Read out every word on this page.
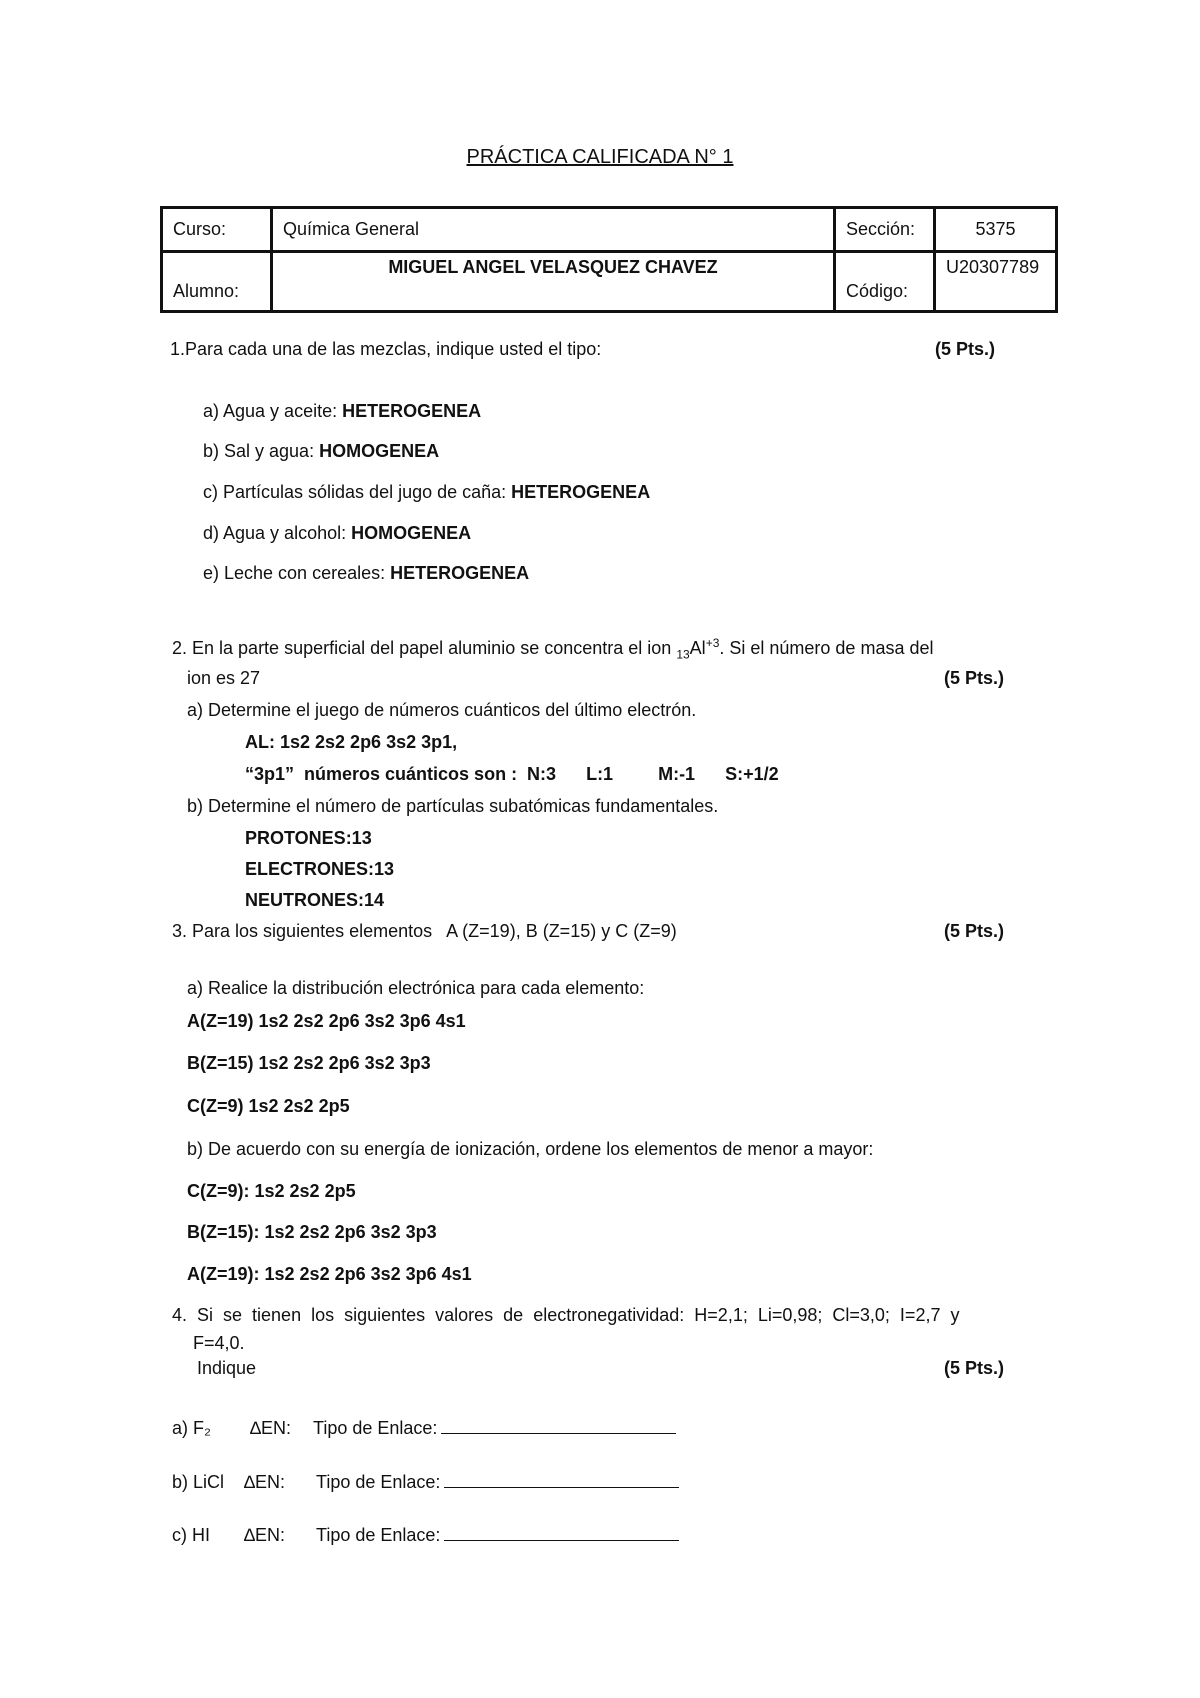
PRÁCTICA CALIFICADA N° 1
Curso:	Química General	Sección:	5375
Alumno:	MIGUEL ANGEL VELASQUEZ CHAVEZ	Código:	U20307789
1.Para cada una de las mezclas, indique usted el tipo:	(5 Pts.)
a) Agua y aceite: HETEROGENEA
b) Sal y agua: HOMOGENEA
c) Partículas sólidas del jugo de caña: HETEROGENEA
d) Agua y alcohol: HOMOGENEA
e) Leche con cereales: HETEROGENEA
2. En la parte superficial del papel aluminio se concentra el ion $_{13}Al^{+3}$. Si el número de masa del
ion es 27	(5 Pts.)
a) Determine el juego de números cuánticos del último electrón.
AL: 1s2 2s2 2p6 3s2 3p1,
“3p1”  números cuánticos son :  N:3      L:1         M:-1      S:+1/2
b) Determine el número de partículas subatómicas fundamentales.
PROTONES:13
ELECTRONES:13
NEUTRONES:14
3. Para los siguientes elementos   A (Z=19), B (Z=15) y C (Z=9)	(5 Pts.)
a) Realice la distribución electrónica para cada elemento:
A(Z=19) 1s2 2s2 2p6 3s2 3p6 4s1
B(Z=15) 1s2 2s2 2p6 3s2 3p3
C(Z=9) 1s2 2s2 2p5
b) De acuerdo con su energía de ionización, ordene los elementos de menor a mayor:
C(Z=9): 1s2 2s2 2p5
B(Z=15): 1s2 2s2 2p6 3s2 3p3
A(Z=19): 1s2 2s2 2p6 3s2 3p6 4s1
4.  Si  se  tienen  los  siguientes  valores  de  electronegatividad:  H=2,1;  Li=0,98;  Cl=3,0;  I=2,7  y
F=4,0.
Indique	(5 Pts.)
a) F₂ ∆EN: Tipo de Enlace:
b) LiCl ∆EN: Tipo de Enlace:
c) HI ∆EN: Tipo de Enlace:
